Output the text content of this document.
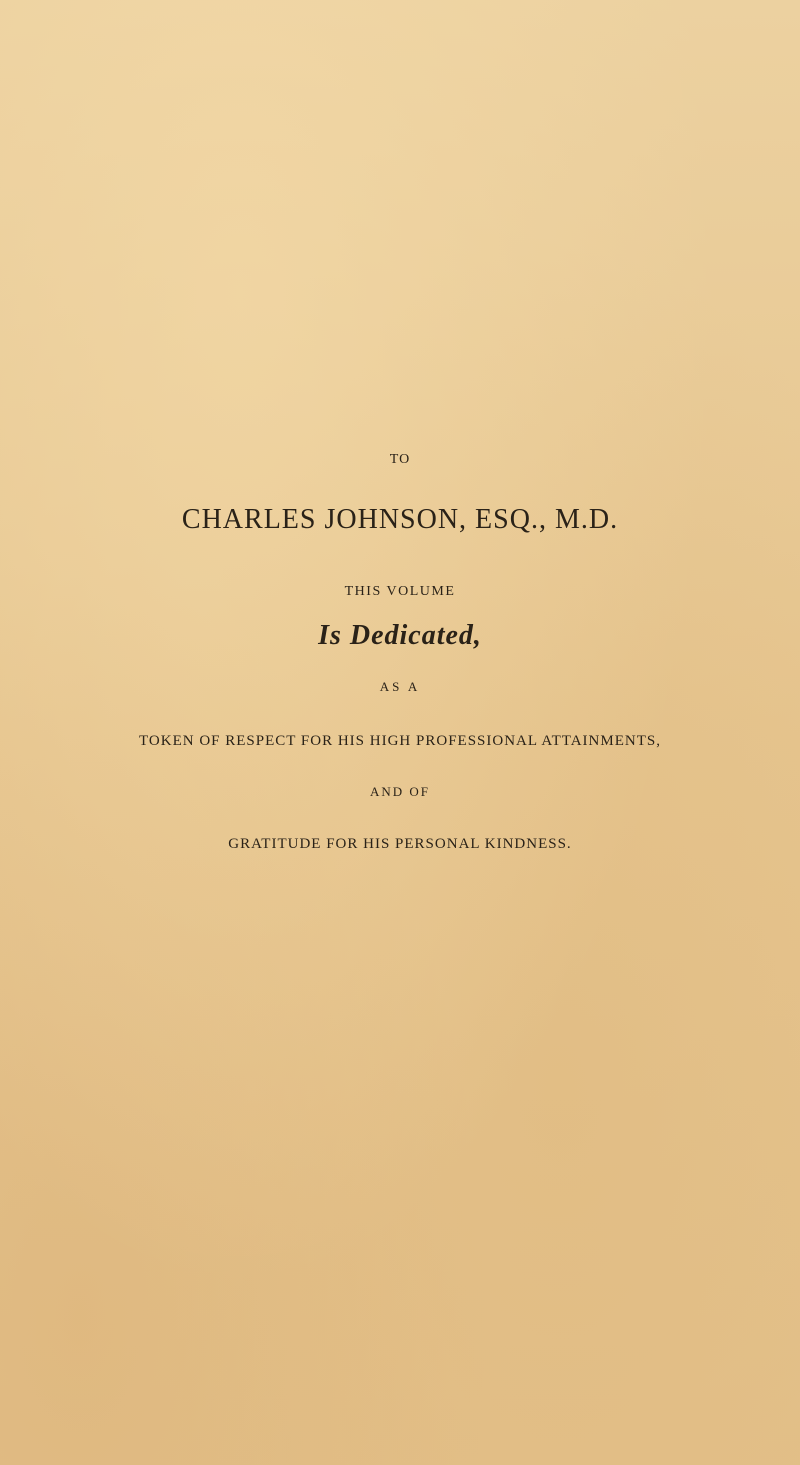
TO
CHARLES JOHNSON, ESQ., M.D.
THIS VOLUME
Is Dedicated,
AS A
TOKEN OF RESPECT FOR HIS HIGH PROFESSIONAL ATTAINMENTS,
AND OF
GRATITUDE FOR HIS PERSONAL KINDNESS.
